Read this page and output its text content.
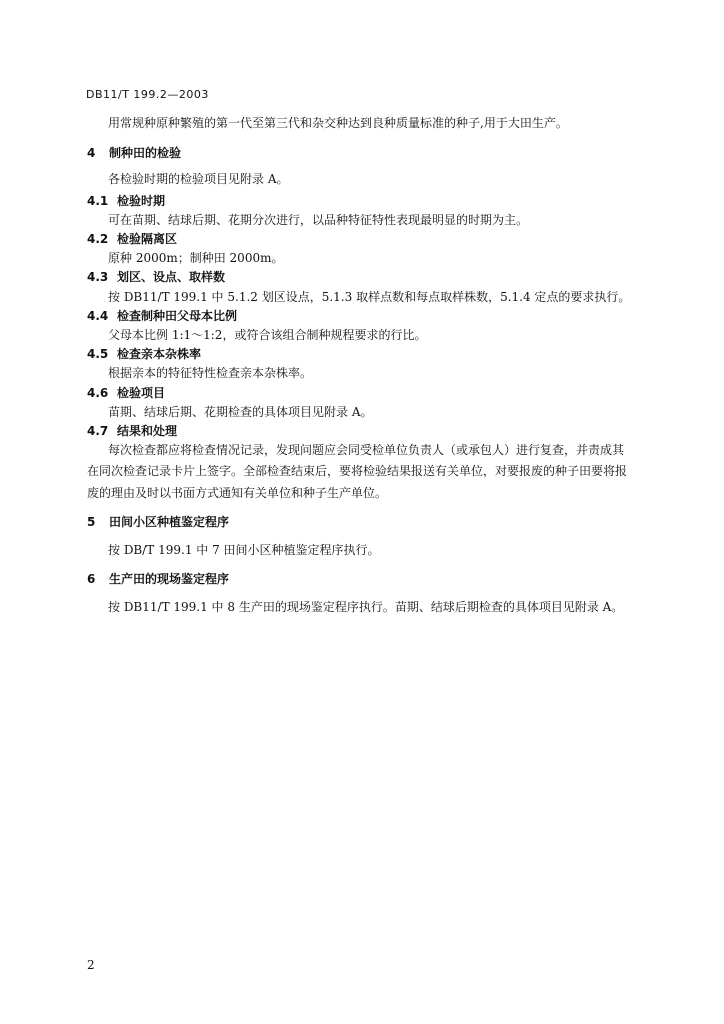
DB11/T 199.2—2003
用常规种原种繁殖的第一代至第三代和杂交种达到良种质量标准的种子,用于大田生产。
4 制种田的检验
各检验时期的检验项目见附录 A。
4.1 检验时期
可在苗期、结球后期、花期分次进行，以品种特征特性表现最明显的时期为主。
4.2 检验隔离区
原种 2000m；制种田 2000m。
4.3 划区、设点、取样数
按 DB11/T 199.1 中 5.1.2 划区设点，5.1.3 取样点数和每点取样株数，5.1.4 定点的要求执行。
4.4 检查制种田父母本比例
父母本比例 1:1～1:2，或符合该组合制种规程要求的行比。
4.5 检查亲本杂株率
根据亲本的特征特性检查亲本杂株率。
4.6 检验项目
苗期、结球后期、花期检查的具体项目见附录 A。
4.7 结果和处理
每次检查都应将检查情况记录，发现问题应会同受检单位负责人（或承包人）进行复查，并责成其
在同次检查记录卡片上签字。全部检查结束后，要将检验结果报送有关单位，对要报废的种子田要将报
废的理由及时以书面方式通知有关单位和种子生产单位。
5 田间小区种植鉴定程序
按 DB/T 199.1 中 7 田间小区种植鉴定程序执行。
6 生产田的现场鉴定程序
按 DB11/T 199.1 中 8 生产田的现场鉴定程序执行。苗期、结球后期检查的具体项目见附录 A。
2
